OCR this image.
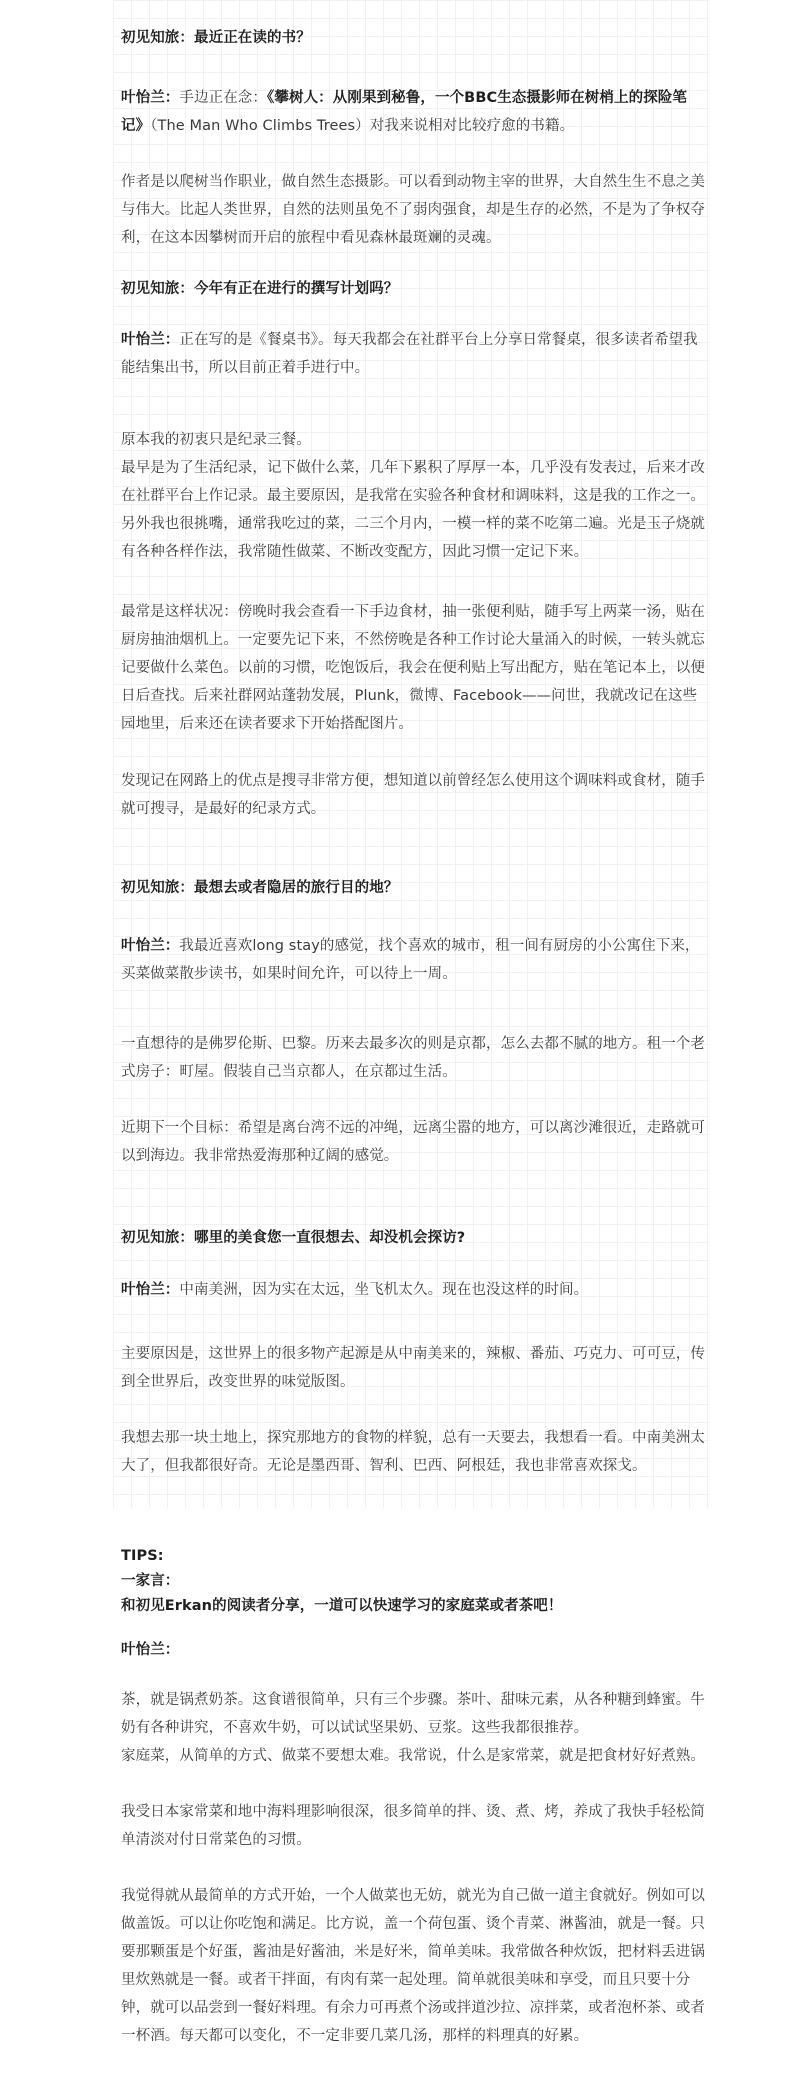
初见知旅：最近正在读的书？

叶怡兰：手边正在念：《攀树人：从刚果到秘鲁，一个BBC生态摄影师在树梢上的探险笔记》（The Man Who Climbs Trees）对我来说相对比较疗愈的书籍。

作者是以爬树当作职业，做自然生态摄影。可以看到动物主宰的世界，大自然生生不息之美与伟大。比起人类世界，自然的法则虽免不了弱肉强食，却是生存的必然，不是为了争权夺利，在这本因攀树而开启的旅程中看见森林最斑斓的灵魂。

初见知旅：今年有正在进行的撰写计划吗？

叶怡兰：正在写的是《餐桌书》。每天我都会在社群平台上分享日常餐桌，很多读者希望我能结集出书，所以目前正着手进行中。

原本我的初衷只是纪录三餐。

最早是为了生活纪录，记下做什么菜，几年下累积了厚厚一本，几乎没有发表过，后来才改在社群平台上作记录。最主要原因，是我常在实验各种食材和调味料，这是我的工作之一。另外我也很挑嘴，通常我吃过的菜，二三个月内，一模一样的菜不吃第二遍。光是玉子烧就有各种各样作法，我常随性做菜、不断改变配方，因此习惯一定记下来。

最常是这样状况：傍晚时我会查看一下手边食材，抽一张便利贴，随手写上两菜一汤，贴在厨房抽油烟机上。一定要先记下来，不然傍晚是各种工作讨论大量涌入的时候，一转头就忘记要做什么菜色。以前的习惯，吃饱饭后，我会在便利贴上写出配方，贴在笔记本上，以便日后查找。后来社群网站蓬勃发展，Plunk，微博、Facebook——问世，我就改记在这些园地里，后来还在读者要求下开始搭配图片。

发现记在网路上的优点是搜寻非常方便，想知道以前曾经怎么使用这个调味料或食材，随手就可搜寻，是最好的纪录方式。

初见知旅：最想去或者隐居的旅行目的地？

叶怡兰：我最近喜欢long stay的感觉，找个喜欢的城市，租一间有厨房的小公寓住下来，买菜做菜散步读书，如果时间允许，可以待上一周。

一直想待的是佛罗伦斯、巴黎。历来去最多次的则是京都，怎么去都不腻的地方。租一个老式房子：町屋。假装自己当京都人，在京都过生活。

近期下一个目标：希望是离台湾不远的冲绳，远离尘嚣的地方，可以离沙滩很近，走路就可以到海边。我非常热爱海那种辽阔的感觉。

初见知旅：哪里的美食您一直很想去、却没机会探访?

叶怡兰：中南美洲，因为实在太远，坐飞机太久。现在也没这样的时间。

主要原因是，这世界上的很多物产起源是从中南美来的，辣椒、番茄、巧克力、可可豆，传到全世界后，改变世界的味觉版图。

我想去那一块土地上，探究那地方的食物的样貌，总有一天要去，我想看一看。中南美洲太大了，但我都很好奇。无论是墨西哥、智利、巴西、阿根廷，我也非常喜欢探戈。

TIPS:

一家言：

和初见Erkan的阅读者分享，一道可以快速学习的家庭菜或者茶吧！

叶怡兰：

茶，就是锅煮奶茶。这食谱很简单，只有三个步骤。茶叶、甜味元素，从各种糖到蜂蜜。牛奶有各种讲究，不喜欢牛奶，可以试试坚果奶、豆浆。这些我都很推荐。

家庭菜，从简单的方式、做菜不要想太难。我常说，什么是家常菜，就是把食材好好煮熟。

我受日本家常菜和地中海料理影响很深，很多简单的拌、烫、煮、烤，养成了我快手轻松简单清淡对付日常菜色的习惯。

我觉得就从最简单的方式开始，一个人做菜也无妨，就光为自己做一道主食就好。例如可以做盖饭。可以让你吃饱和满足。比方说，盖一个荷包蛋、烫个青菜、淋酱油，就是一餐。只要那颗蛋是个好蛋，酱油是好酱油，米是好米，简单美味。我常做各种炊饭，把材料丢进锅里炊熟就是一餐。或者干拌面，有肉有菜一起处理。简单就很美味和享受，而且只要十分钟，就可以品尝到一餐好料理。有余力可再煮个汤或拌道沙拉、凉拌菜，或者泡杯茶、或者一杯酒。每天都可以变化，不一定非要几菜几汤，那样的料理真的好累。
